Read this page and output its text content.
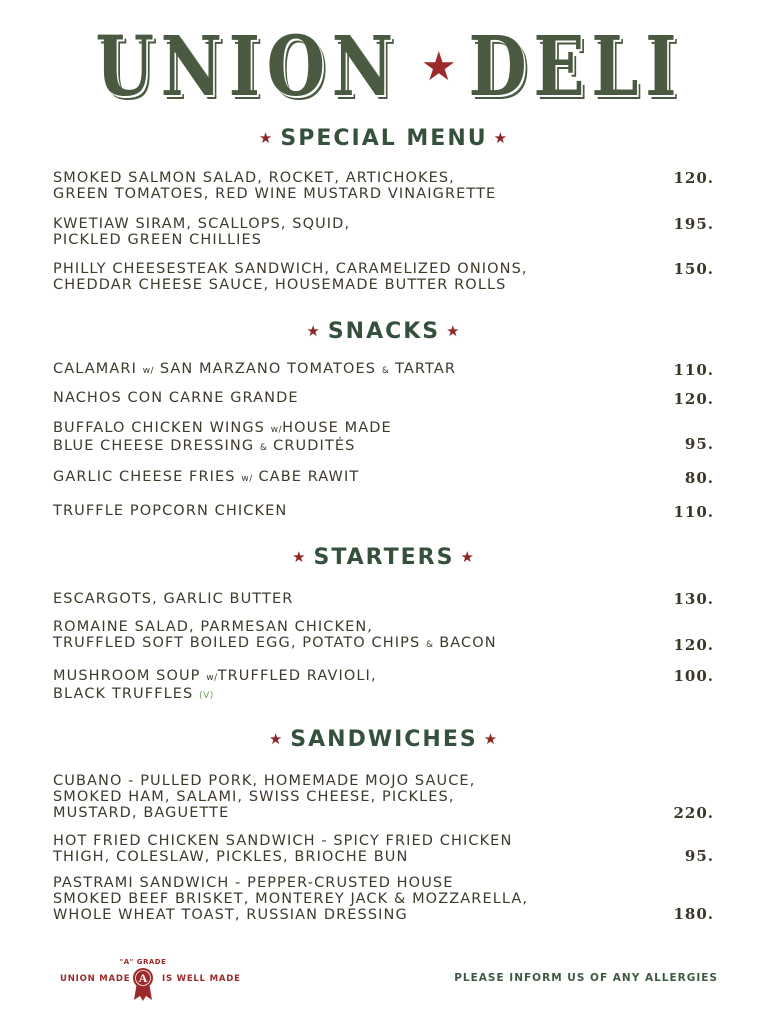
UNION ★ DELI
★ SPECIAL MENU ★
SMOKED SALMON SALAD, ROCKET, ARTICHOKES,
GREEN TOMATOES, RED WINE MUSTARD VINAIGRETTE
120.
KWETIAW SIRAM, SCALLOPS, SQUID,
PICKLED GREEN CHILLIES
195.
PHILLY CHEESESTEAK SANDWICH, CARAMELIZED ONIONS,
CHEDDAR CHEESE SAUCE, HOUSEMADE BUTTER ROLLS
150.
★ SNACKS ★
CALAMARI w/ SAN MARZANO TOMATOES & TARTAR	110.
NACHOS CON CARNE GRANDE	120.
BUFFALO CHICKEN WINGS w/HOUSE MADE
BLUE CHEESE DRESSING & CRUDITÉS	95.
GARLIC CHEESE FRIES w/ CABE RAWIT	80.
TRUFFLE POPCORN CHICKEN	110.
★ STARTERS ★
ESCARGOTS, GARLIC BUTTER	130.
ROMAINE SALAD, PARMESAN CHICKEN,
TRUFFLED SOFT BOILED EGG, POTATO CHIPS & BACON	120.
MUSHROOM SOUP w/TRUFFLED RAVIOLI,
BLACK TRUFFLES (V)
100.
★ SANDWICHES ★
CUBANO - PULLED PORK, HOMEMADE MOJO SAUCE,
SMOKED HAM, SALAMI, SWISS CHEESE, PICKLES,
MUSTARD, BAGUETTE	220.
HOT FRIED CHICKEN SANDWICH - SPICY FRIED CHICKEN
THIGH, COLESLAW, PICKLES, BRIOCHE BUN	95.
PASTRAMI SANDWICH - PEPPER-CRUSTED HOUSE
SMOKED BEEF BRISKET, MONTEREY JACK & MOZZARELLA,
WHOLE WHEAT TOAST, RUSSIAN DRESSING	180.
"A" GRADE
UNION MADE A IS WELL MADE	PLEASE INFORM US OF ANY ALLERGIES
